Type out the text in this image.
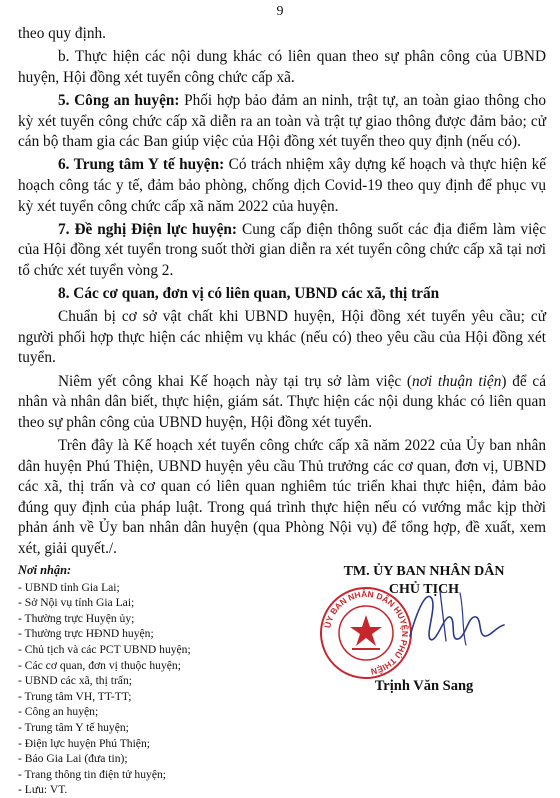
9

theo quy định.

b. Thực hiện các nội dung khác có liên quan theo sự phân công của UBND huyện, Hội đồng xét tuyển công chức cấp xã.

5. Công an huyện: Phối hợp bảo đảm an ninh, trật tự, an toàn giao thông cho kỳ xét tuyển công chức cấp xã diễn ra an toàn và trật tự giao thông được đảm bảo; cử cán bộ tham gia các Ban giúp việc của Hội đồng xét tuyển theo quy định (nếu có).

6. Trung tâm Y tế huyện: Có trách nhiệm xây dựng kế hoạch và thực hiện kế hoạch công tác y tế, đảm bảo phòng, chống dịch Covid-19 theo quy định để phục vụ kỳ xét tuyển công chức cấp xã năm 2022 của huyện.

7. Đề nghị Điện lực huyện: Cung cấp điện thông suốt các địa điểm làm việc của Hội đồng xét tuyển trong suốt thời gian diễn ra xét tuyển công chức cấp xã tại nơi tổ chức xét tuyển vòng 2.

8. Các cơ quan, đơn vị có liên quan, UBND các xã, thị trấn

Chuẩn bị cơ sở vật chất khi UBND huyện, Hội đồng xét tuyển yêu cầu; cử người phối hợp thực hiện các nhiệm vụ khác (nếu có) theo yêu cầu của Hội đồng xét tuyển.

Niêm yết công khai Kế hoạch này tại trụ sở làm việc (nơi thuận tiện) để cá nhân và nhân dân biết, thực hiện, giám sát. Thực hiện các nội dung khác có liên quan theo sự phân công của UBND huyện, Hội đồng xét tuyển.

Trên đây là Kế hoạch xét tuyển công chức cấp xã năm 2022 của Ủy ban nhân dân huyện Phú Thiện, UBND huyện yêu cầu Thủ trưởng các cơ quan, đơn vị, UBND các xã, thị trấn và cơ quan có liên quan nghiêm túc triển khai thực hiện, đảm bảo đúng quy định của pháp luật. Trong quá trình thực hiện nếu có vướng mắc kịp thời phản ánh về Ủy ban nhân dân huyện (qua Phòng Nội vụ) để tổng hợp, đề xuất, xem xét, giải quyết./.

Nơi nhận:
- UBND tỉnh Gia Lai;
- Sở Nội vụ tỉnh Gia Lai;
- Thường trực Huyện ủy;
- Thường trực HĐND huyện;
- Chủ tịch và các PCT UBND huyện;
- Các cơ quan, đơn vị thuộc huyện;
- UBND các xã, thị trấn;
- Trung tâm VH, TT-TT;
- Công an huyện;
- Trung tâm Y tế huyện;
- Điện lực huyện Phú Thiện;
- Báo Gia Lai (đưa tin);
- Trang thông tin điện tử huyện;
- Lưu: VT.
TM. ỦY BAN NHÂN DÂN
CHỦ TỊCH
ỦY BAN NHÂN DÂN HUYỆN PHÚ THIỆN
Trịnh Văn Sang
